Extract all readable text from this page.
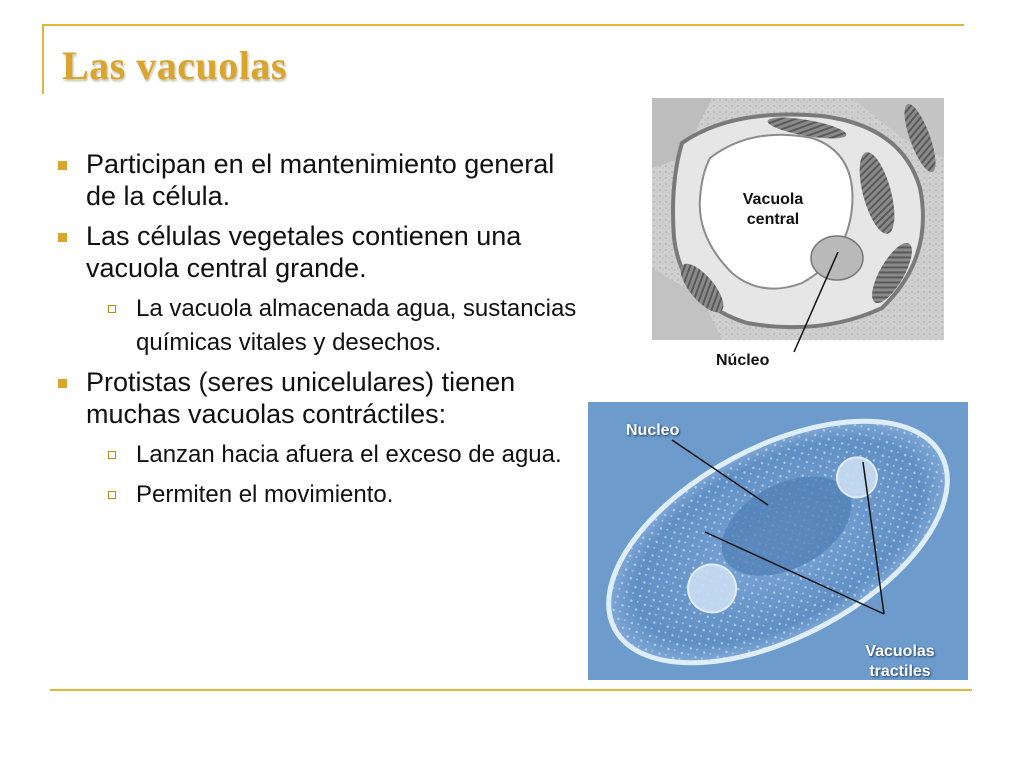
Las vacuolas
Participan en el mantenimiento general de la célula.
Las células vegetales contienen una vacuola central grande.
La vacuola almacenada agua, sustancias químicas vitales y desechos.
Protistas (seres unicelulares) tienen muchas vacuolas contráctiles:
Lanzan hacia afuera el exceso de agua.
Permiten el movimiento.
Vacuola central
Núcleo
Nucleo
Vacuolas tractiles
